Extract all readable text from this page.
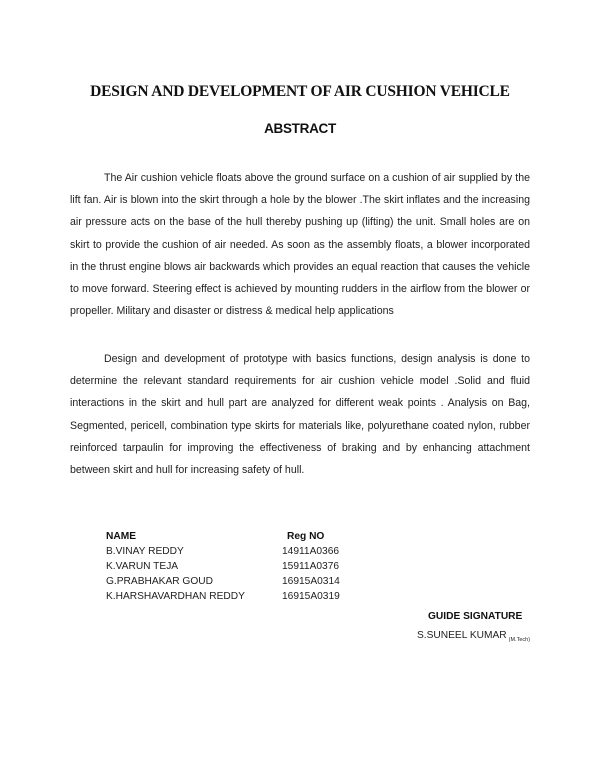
DESIGN AND DEVELOPMENT OF AIR CUSHION VEHICLE
ABSTRACT

The Air cushion vehicle floats above the ground surface on a cushion of air supplied by the lift fan. Air is blown into the skirt through a hole by the blower .The skirt inflates and the increasing air pressure acts on the base of the hull thereby pushing up (lifting) the unit. Small holes are on skirt to provide the cushion of air needed. As soon as the assembly floats, a blower incorporated in the thrust engine blows air backwards which provides an equal reaction that causes the vehicle to move forward. Steering effect is achieved by mounting rudders in the airflow from the blower or propeller. Military and disaster or distress & medical help applications

Design and development of prototype with basics functions, design analysis is done to determine the relevant standard requirements for air cushion vehicle model .Solid and fluid interactions in the skirt and hull part are analyzed for different weak points . Analysis on Bag, Segmented, pericell, combination type skirts for materials like, polyurethane coated nylon, rubber reinforced tarpaulin for improving the effectiveness of braking and by enhancing attachment between skirt and hull for increasing safety of hull.

NAME	Reg NO
B.VINAY REDDY	14911A0366
K.VARUN TEJA	15911A0376
G.PRABHAKAR GOUD	16915A0314
K.HARSHAVARDHAN REDDY	16915A0319
GUIDE SIGNATURE
S.SUNEEL KUMAR $_{(M.Tech)}$
